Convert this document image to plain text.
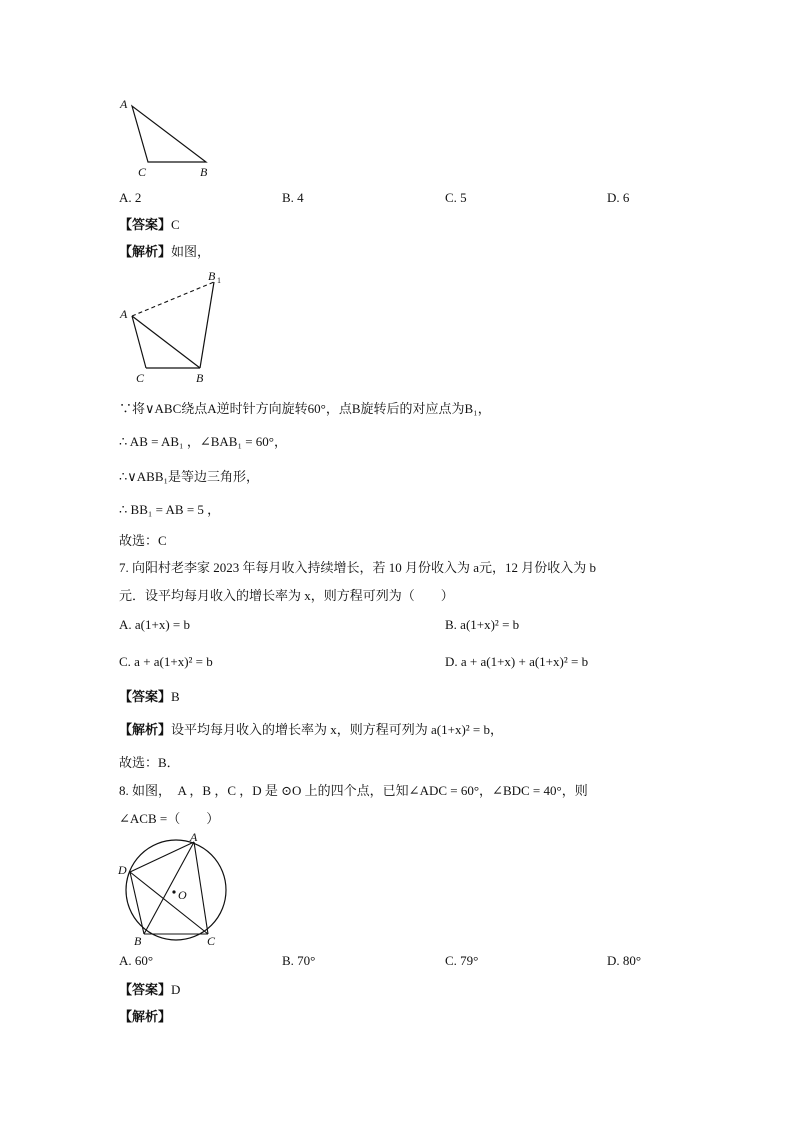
A
C	B
A. 2	B. 4	C. 5	D. 6
【答案】C
【解析】如图，
A
C	B
B 1
∵将∨ABC绕点A逆时针方向旋转60°，点B旋转后的对应点为B₁，
∴ AB = AB₁ ，∠BAB₁ = 60°，
∴∨ABB₁是等边三角形，
∴ BB₁ = AB = 5 ，
故选：C
7. 向阳村老李家 2023 年每月收入持续增长，若 10 月份收入为 a元，12 月份收入为 b
元．设平均每月收入的增长率为 x，则方程可列为（　　）
A. a(1+x) = b	B. a(1+x)² = b
C. a + a(1+x)² = b	D. a + a(1+x) + a(1+x)² = b
【答案】B
【解析】设平均每月收入的增长率为 x，则方程可列为 a(1+x)² = b，
故选：B．
8. 如图，　A ，B ，C ，D 是 ⊙O 上的四个点，已知∠ADC = 60°，∠BDC = 40°，则
∠ACB =（　　）
A
D
B	C
O
A. 60°	B. 70°	C. 79°	D. 80°
【答案】D
【解析】
